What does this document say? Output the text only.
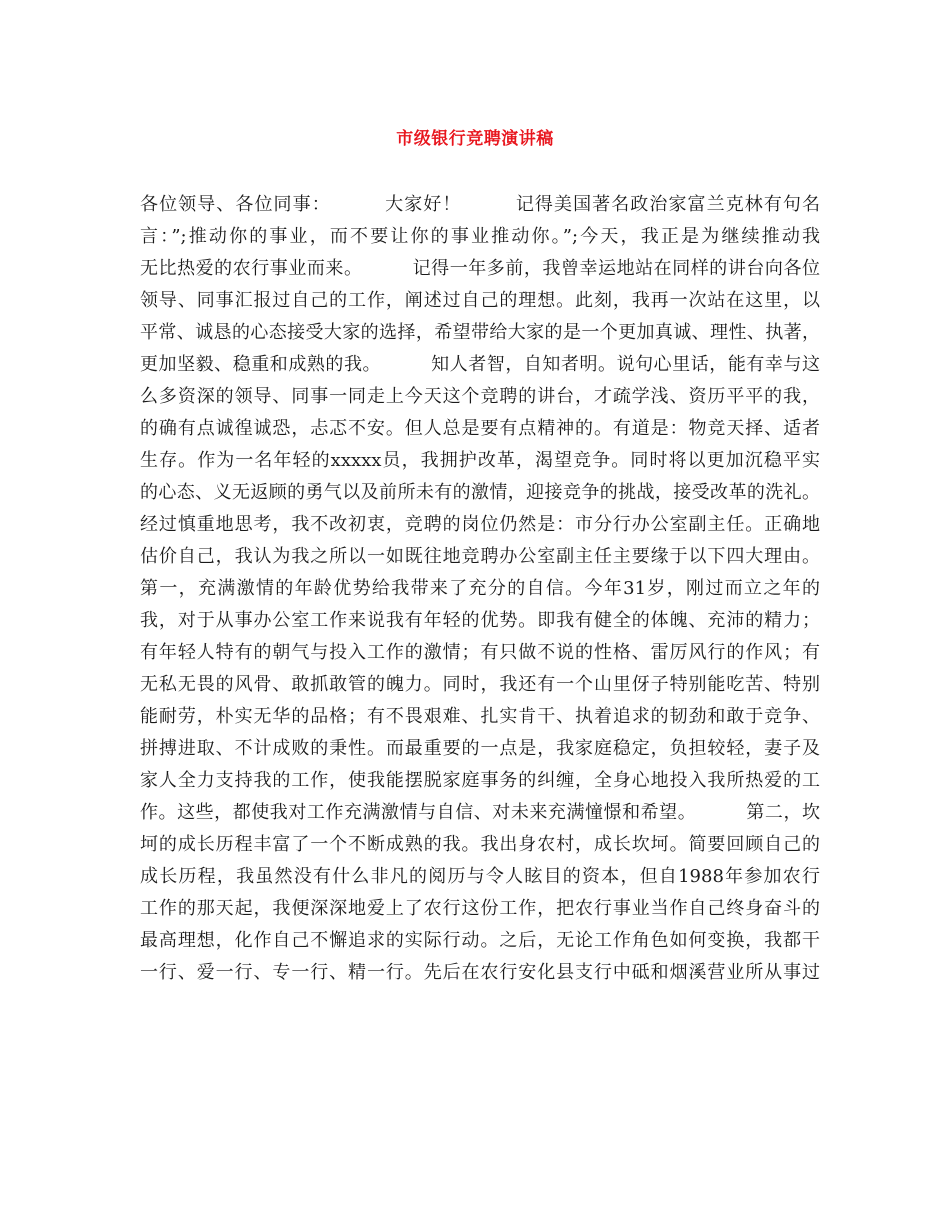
市级银行竞聘演讲稿
各位领导、各位同事：        大家好！        记得美国著名政治家富兰克林有句名
言：”;推动你的事业，而不要让你的事业推动你。”;今天，我正是为继续推动我
无比热爱的农行事业而来。        记得一年多前，我曾幸运地站在同样的讲台向各位
领导、同事汇报过自己的工作，阐述过自己的理想。此刻，我再一次站在这里，以
平常、诚恳的心态接受大家的选择，希望带给大家的是一个更加真诚、理性、执著，
更加坚毅、稳重和成熟的我。        知人者智，自知者明。说句心里话，能有幸与这
么多资深的领导、同事一同走上今天这个竞聘的讲台，才疏学浅、资历平平的我，
的确有点诚徨诚恐，忐忑不安。但人总是要有点精神的。有道是：物竞天择、适者
生存。作为一名年轻的xxxxx员，我拥护改革，渴望竞争。同时将以更加沉稳平实
的心态、义无返顾的勇气以及前所未有的激情，迎接竞争的挑战，接受改革的洗礼。
经过慎重地思考，我不改初衷，竞聘的岗位仍然是：市分行办公室副主任。正确地
估价自己，我认为我之所以一如既往地竞聘办公室副主任主要缘于以下四大理由。
第一，充满激情的年龄优势给我带来了充分的自信。今年31岁，刚过而立之年的
我，对于从事办公室工作来说我有年轻的优势。即我有健全的体魄、充沛的精力；
有年轻人特有的朝气与投入工作的激情；有只做不说的性格、雷厉风行的作风；有
无私无畏的风骨、敢抓敢管的魄力。同时，我还有一个山里伢子特别能吃苦、特别
能耐劳，朴实无华的品格；有不畏艰难、扎实肯干、执着追求的韧劲和敢于竞争、
拼搏进取、不计成败的秉性。而最重要的一点是，我家庭稳定，负担较轻，妻子及
家人全力支持我的工作，使我能摆脱家庭事务的纠缠，全身心地投入我所热爱的工
作。这些，都使我对工作充满激情与自信、对未来充满憧憬和希望。        第二，坎
坷的成长历程丰富了一个不断成熟的我。我出身农村，成长坎坷。简要回顾自己的
成长历程，我虽然没有什么非凡的阅历与令人眩目的资本，但自1988年参加农行
工作的那天起，我便深深地爱上了农行这份工作，把农行事业当作自己终身奋斗的
最高理想，化作自己不懈追求的实际行动。之后，无论工作角色如何变换，我都干
一行、爱一行、专一行、精一行。先后在农行安化县支行中砥和烟溪营业所从事过
